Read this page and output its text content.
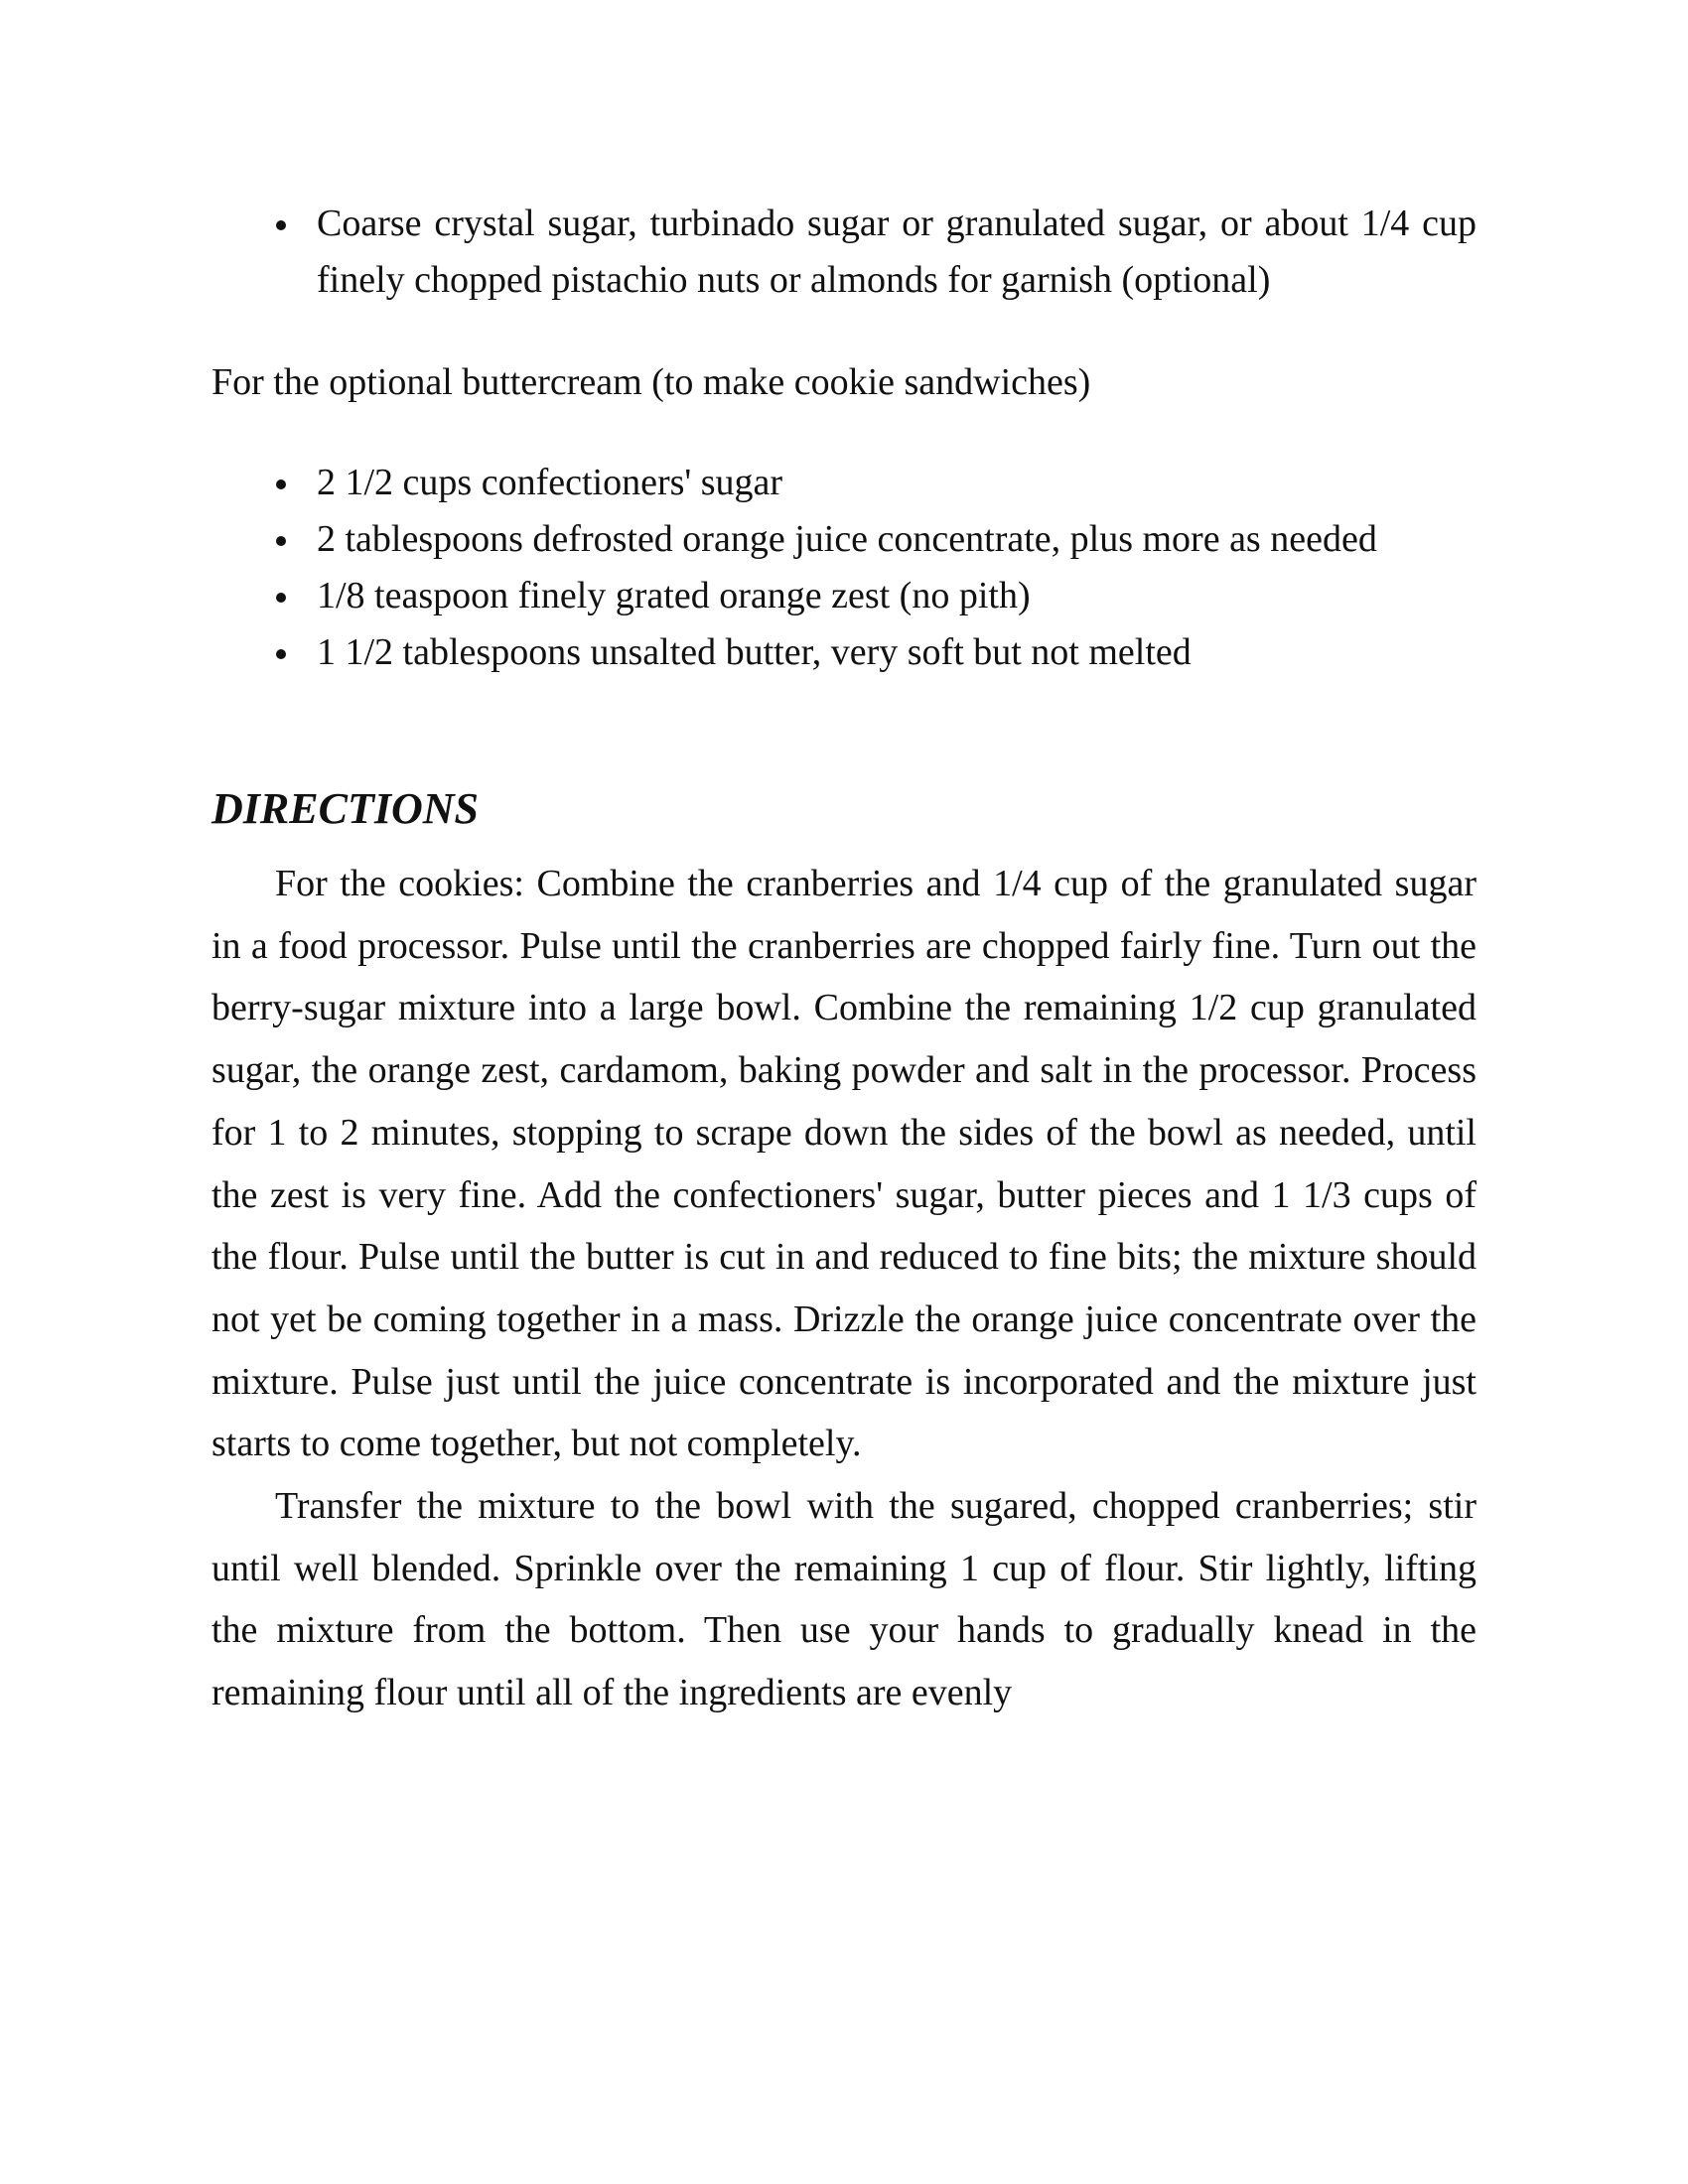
Coarse crystal sugar, turbinado sugar or granulated sugar, or about 1/4 cup finely chopped pistachio nuts or almonds for garnish (optional)

For the optional buttercream (to make cookie sandwiches)

2 1/2 cups confectioners' sugar
2 tablespoons defrosted orange juice concentrate, plus more as needed
1/8 teaspoon finely grated orange zest (no pith)
1 1/2 tablespoons unsalted butter, very soft but not melted
DIRECTIONS

For the cookies: Combine the cranberries and 1/4 cup of the granulated sugar in a food processor. Pulse until the cranberries are chopped fairly fine. Turn out the berry-sugar mixture into a large bowl. Combine the remaining 1/2 cup granulated sugar, the orange zest, cardamom, baking powder and salt in the processor. Process for 1 to 2 minutes, stopping to scrape down the sides of the bowl as needed, until the zest is very fine. Add the confectioners' sugar, butter pieces and 1 1/3 cups of the flour. Pulse until the butter is cut in and reduced to fine bits; the mixture should not yet be coming together in a mass. Drizzle the orange juice concentrate over the mixture. Pulse just until the juice concentrate is incorporated and the mixture just starts to come together, but not completely.

Transfer the mixture to the bowl with the sugared, chopped cranberries; stir until well blended. Sprinkle over the remaining 1 cup of flour. Stir lightly, lifting the mixture from the bottom. Then use your hands to gradually knead in the remaining flour until all of the ingredients are evenly
